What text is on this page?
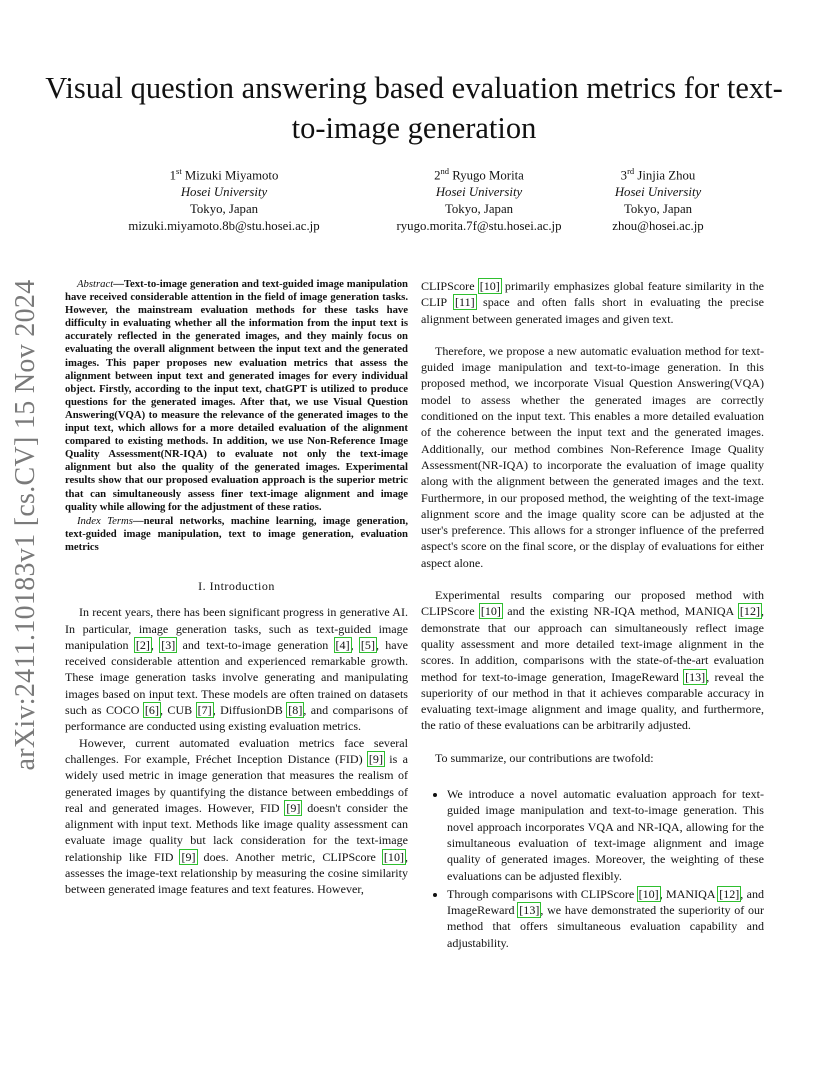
Visual question answering based evaluation metrics for text-to-image generation
1st Mizuki Miyamoto
Hosei University
Tokyo, Japan
mizuki.miyamoto.8b@stu.hosei.ac.jp
2nd Ryugo Morita
Hosei University
Tokyo, Japan
ryugo.morita.7f@stu.hosei.ac.jp
3rd Jinjia Zhou
Hosei University
Tokyo, Japan
zhou@hosei.ac.jp
arXiv:2411.10183v1 [cs.CV] 15 Nov 2024	Abstract—Text-to-image generation and text-guided image manipulation have received considerable attention in the field of image generation tasks. However, the mainstream evaluation methods for these tasks have difficulty in evaluating whether all the information from the input text is accurately reflected in the generated images, and they mainly focus on evaluating the overall alignment between the input text and the generated images. This paper proposes new evaluation metrics that assess the alignment between input text and generated images for every individual object. Firstly, according to the input text, chatGPT is utilized to produce questions for the generated images. After that, we use Visual Question Answering(VQA) to measure the relevance of the generated images to the input text, which allows for a more detailed evaluation of the alignment compared to existing methods. In addition, we use Non-Reference Image Quality Assessment(NR-IQA) to evaluate not only the text-image alignment but also the quality of the generated images. Experimental results show that our proposed evaluation approach is the superior metric that can simultaneously assess finer text-image alignment and image quality while allowing for the adjustment of these ratios.

Index Terms—neural networks, machine learning, image generation, text-guided image manipulation, text to image generation, evaluation metrics

I. Introduction

In recent years, there has been significant progress in generative AI. In particular, image generation tasks, such as text-guided image manipulation [2], [3] and text-to-image generation [4], [5], have received considerable attention and experienced remarkable growth. These image generation tasks involve generating and manipulating images based on input text. These models are often trained on datasets such as COCO [6], CUB [7], DiffusionDB [8], and comparisons of performance are conducted using existing evaluation metrics.

However, current automated evaluation metrics face several challenges. For example, Fréchet Inception Distance (FID) [9] is a widely used metric in image generation that measures the realism of generated images by quantifying the distance between embeddings of real and generated images. However, FID [9] doesn't consider the alignment with input text. Methods like image quality assessment can evaluate image quality but lack consideration for the text-image relationship like FID [9] does. Another metric, CLIPScore [10], assesses the image-text relationship by measuring the cosine similarity between generated image features and text features. However,

CLIPScore [10] primarily emphasizes global feature similarity in the CLIP [11] space and often falls short in evaluating the precise alignment between generated images and given text.

Therefore, we propose a new automatic evaluation method for text-guided image manipulation and text-to-image generation. In this proposed method, we incorporate Visual Question Answering(VQA) model to assess whether the generated images are correctly conditioned on the input text. This enables a more detailed evaluation of the coherence between the input text and the generated images. Additionally, our method combines Non-Reference Image Quality Assessment(NR-IQA) to incorporate the evaluation of image quality along with the alignment between the generated images and the text. Furthermore, in our proposed method, the weighting of the text-image alignment score and the image quality score can be adjusted at the user's preference. This allows for a stronger influence of the preferred aspect's score on the final score, or the display of evaluations for either aspect alone.

Experimental results comparing our proposed method with CLIPScore [10] and the existing NR-IQA method, MANIQA [12], demonstrate that our approach can simultaneously reflect image quality assessment and more detailed text-image alignment in the scores. In addition, comparisons with the state-of-the-art evaluation method for text-to-image generation, ImageReward [13], reveal the superiority of our method in that it achieves comparable accuracy in evaluating text-image alignment and image quality, and furthermore, the ratio of these evaluations can be arbitrarily adjusted.

To summarize, our contributions are twofold:

• We introduce a novel automatic evaluation approach for text-guided image manipulation and text-to-image generation. This novel approach incorporates VQA and NR-IQA, allowing for the simultaneous evaluation of text-image alignment and image quality of generated images. Moreover, the weighting of these evaluations can be adjusted flexibly.
• Through comparisons with CLIPScore [10], MANIQA [12], and ImageReward [13], we have demonstrated the superiority of our method that offers simultaneous evaluation capability and adjustability.
